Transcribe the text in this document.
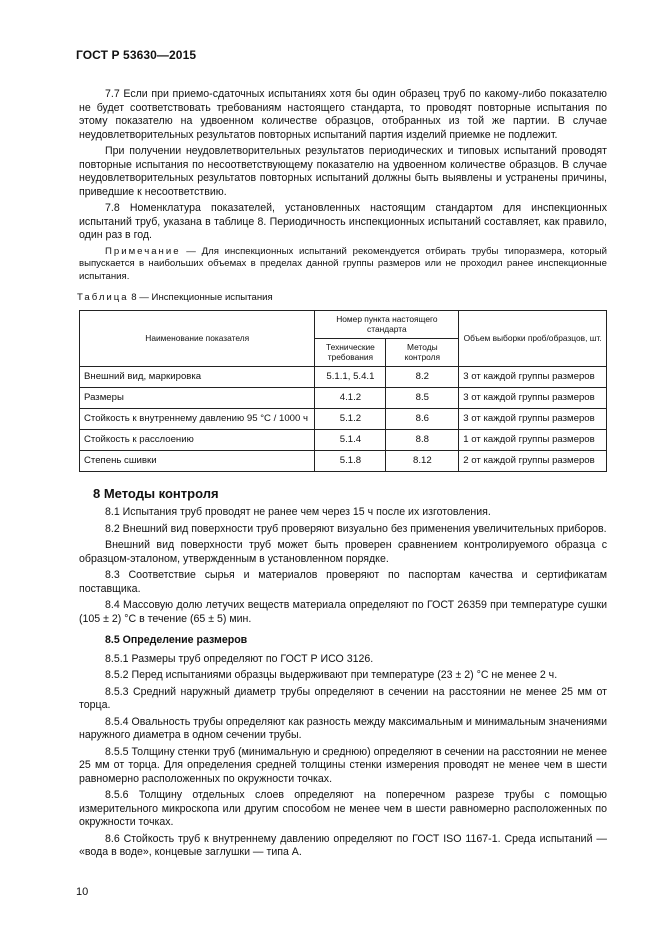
ГОСТ Р 53630—2015

7.7 Если при приемо-сдаточных испытаниях хотя бы один образец труб по какому-либо показателю не будет соответствовать требованиям настоящего стандарта, то проводят повторные испытания по этому показателю на удвоенном количестве образцов, отобранных из той же партии. В случае неудовлетворительных результатов повторных испытаний партия изделий приемке не подлежит.

При получении неудовлетворительных результатов периодических и типовых испытаний проводят повторные испытания по несоответствующему показателю на удвоенном количестве образцов. В случае неудовлетворительных результатов повторных испытаний должны быть выявлены и устранены причины, приведшие к несоответствию.

7.8 Номенклатура показателей, установленных настоящим стандартом для инспекционных испытаний труб, указана в таблице 8. Периодичность инспекционных испытаний составляет, как правило, один раз в год.

Примечание — Для инспекционных испытаний рекомендуется отбирать трубы типоразмера, который выпускается в наибольших объемах в пределах данной группы размеров или не проходил ранее инспекционные испытания.
Таблица 8 — Инспекционные испытания
Наименование показателя	Номер пункта настоящего стандарта		Объем выборки проб/образцов, шт.
	Технические требования	Методы контроля	
Внешний вид, маркировка	5.1.1, 5.4.1	8.2	3 от каждой группы размеров
Размеры	4.1.2	8.5	3 от каждой группы размеров
Стойкость к внутреннему давлению 95 °С / 1000 ч	5.1.2	8.6	3 от каждой группы размеров
Стойкость к расслоению	5.1.4	8.8	1 от каждой группы размеров
Степень сшивки	5.1.8	8.12	2 от каждой группы размеров
8 Методы контроля

8.1 Испытания труб проводят не ранее чем через 15 ч после их изготовления.

8.2 Внешний вид поверхности труб проверяют визуально без применения увеличительных приборов.

Внешний вид поверхности труб может быть проверен сравнением контролируемого образца с образцом-эталоном, утвержденным в установленном порядке.

8.3 Соответствие сырья и материалов проверяют по паспортам качества и сертификатам поставщика.

8.4 Массовую долю летучих веществ материала определяют по ГОСТ 26359 при температуре сушки (105 ± 2) °С в течение (65 ± 5) мин.

8.5 Определение размеров

8.5.1 Размеры труб определяют по ГОСТ Р ИСО 3126.

8.5.2 Перед испытаниями образцы выдерживают при температуре (23 ± 2) °С не менее 2 ч.

8.5.3 Средний наружный диаметр трубы определяют в сечении на расстоянии не менее 25 мм от торца.

8.5.4 Овальность трубы определяют как разность между максимальным и минимальным значениями наружного диаметра в одном сечении трубы.

8.5.5 Толщину стенки труб (минимальную и среднюю) определяют в сечении на расстоянии не менее 25 мм от торца. Для определения средней толщины стенки измерения проводят не менее чем в шести равномерно расположенных по окружности точках.

8.5.6 Толщину отдельных слоев определяют на поперечном разрезе трубы с помощью измерительного микроскопа или другим способом не менее чем в шести равномерно расположенных по окружности точках.

8.6 Стойкость труб к внутреннему давлению определяют по ГОСТ ISO 1167-1. Среда испытаний — «вода в воде», концевые заглушки — типа А.

10
